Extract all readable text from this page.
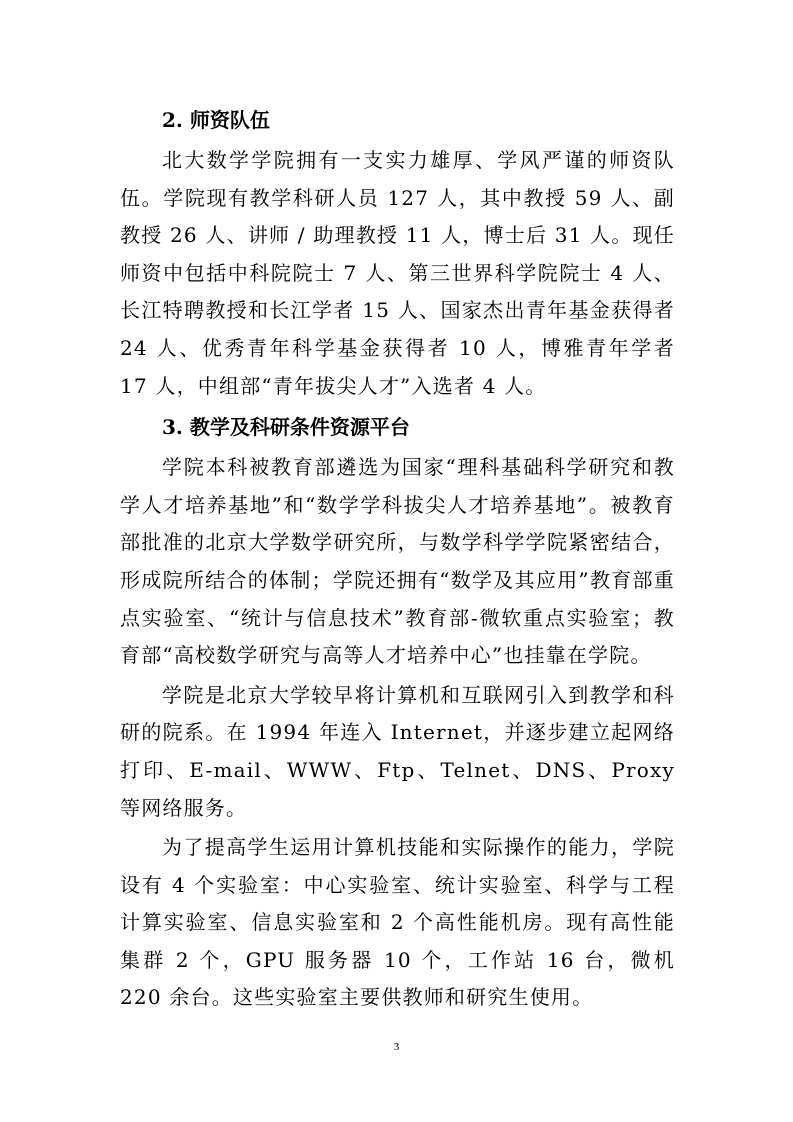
2. 师资队伍

北大数学学院拥有一支实力雄厚、学风严谨的师资队伍。学院现有教学科研人员 127 人，其中教授 59 人、副教授 26 人、讲师 / 助理教授 11 人，博士后 31 人。现任师资中包括中科院院士 7 人、第三世界科学院院士 4 人、长江特聘教授和长江学者 15 人、国家杰出青年基金获得者 24 人、优秀青年科学基金获得者 10 人，博雅青年学者 17 人，中组部“青年拔尖人才”入选者 4 人。

3. 教学及科研条件资源平台

学院本科被教育部遴选为国家“理科基础科学研究和教学人才培养基地”和“数学学科拔尖人才培养基地”。被教育部批准的北京大学数学研究所，与数学科学学院紧密结合，形成院所结合的体制；学院还拥有“数学及其应用”教育部重点实验室、“统计与信息技术”教育部-微软重点实验室；教育部“高校数学研究与高等人才培养中心”也挂靠在学院。

学院是北京大学较早将计算机和互联网引入到教学和科研的院系。在 1994 年连入 Internet，并逐步建立起网络打印、E-mail、WWW、Ftp、Telnet、DNS、Proxy 等网络服务。

为了提高学生运用计算机技能和实际操作的能力，学院设有 4 个实验室：中心实验室、统计实验室、科学与工程计算实验室、信息实验室和 2 个高性能机房。现有高性能集群 2 个，GPU 服务器 10 个，工作站 16 台，微机 220 余台。这些实验室主要供教师和研究生使用。

3
